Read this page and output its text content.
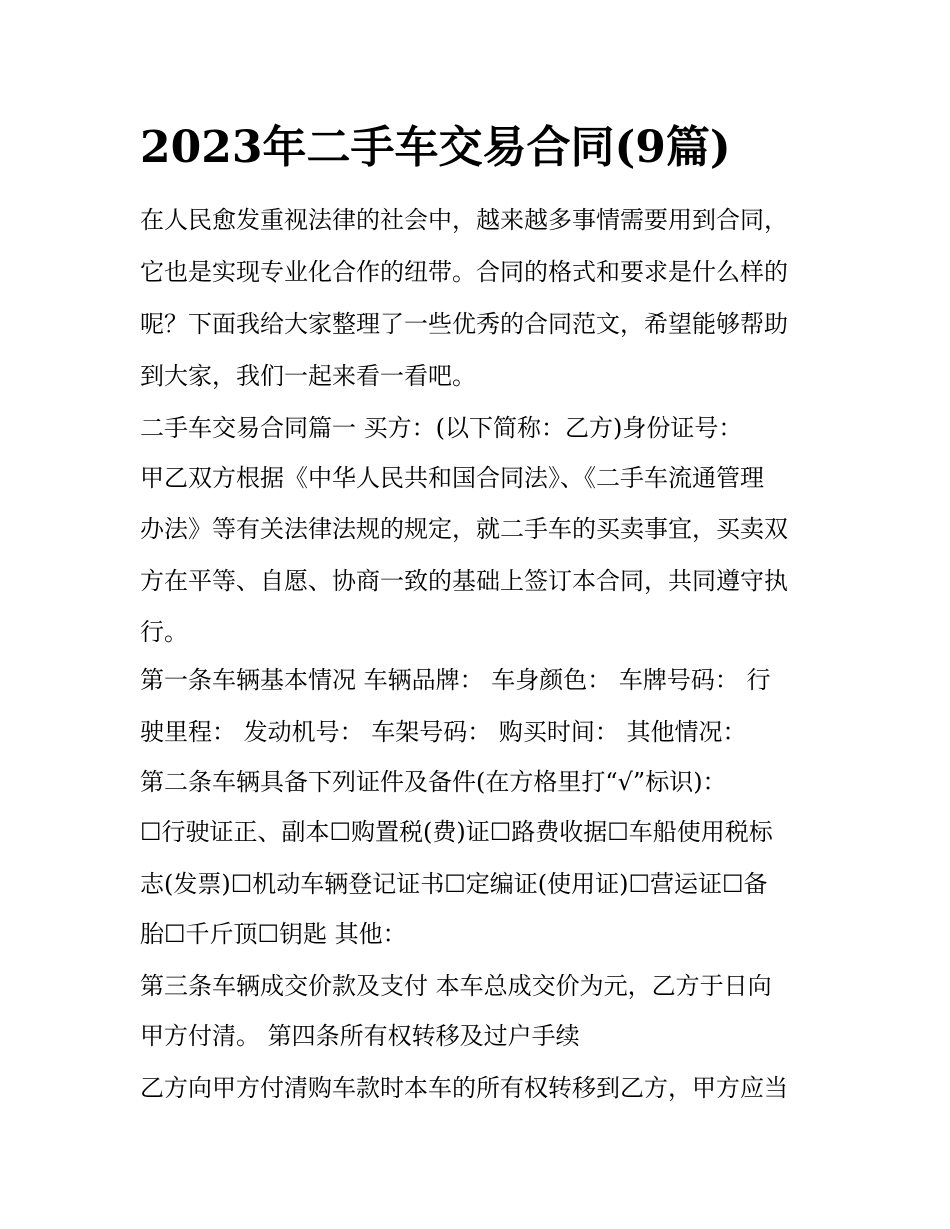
2023年二手车交易合同(9篇)

在人民愈发重视法律的社会中，越来越多事情需要用到合同，

它也是实现专业化合作的纽带。合同的格式和要求是什么样的

呢？下面我给大家整理了一些优秀的合同范文，希望能够帮助

到大家，我们一起来看一看吧。

二手车交易合同篇一 买方：(以下简称：乙方)身份证号：

甲乙双方根据《中华人民共和国合同法》、《二手车流通管理

办法》等有关法律法规的规定，就二手车的买卖事宜，买卖双

方在平等、自愿、协商一致的基础上签订本合同，共同遵守执

行。

第一条车辆基本情况 车辆品牌： 车身颜色： 车牌号码： 行

驶里程： 发动机号： 车架号码： 购买时间： 其他情况：

第二条车辆具备下列证件及备件(在方格里打“√”标识)：

☐行驶证正、副本☐购置税(费)证☐路费收据☐车船使用税标

志(发票)☐机动车辆登记证书☐定编证(使用证)☐营运证☐备

胎☐千斤顶☐钥匙 其他：

第三条车辆成交价款及支付 本车总成交价为元，乙方于日向

甲方付清。 第四条所有权转移及过户手续

乙方向甲方付清购车款时本车的所有权转移到乙方，甲方应当
